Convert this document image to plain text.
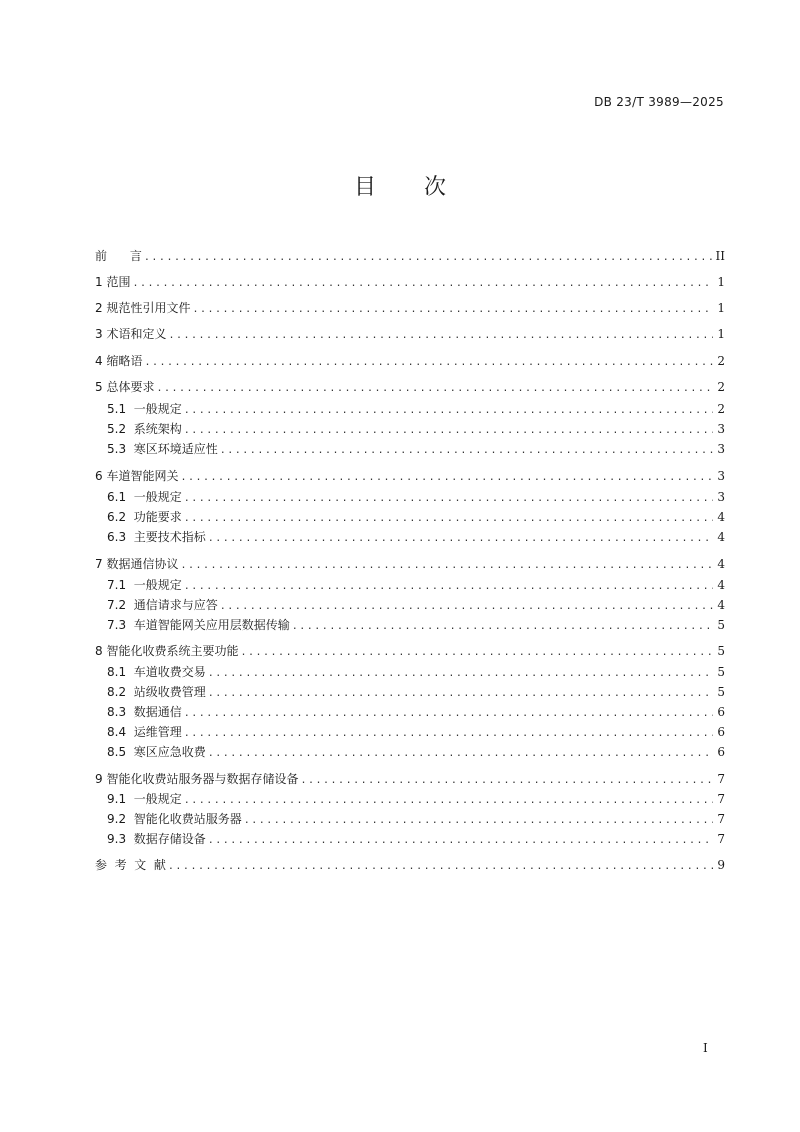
DB 23/T 3989—2025
目 次
前      言 .....	II
1 范围 .....	1
2 规范性引用文件 .....	1
3 术语和定义 .....	1
4 缩略语 .....	2
5 总体要求 .....	2
5.1  一般规定 .....	2
5.2  系统架构 .....	3
5.3  寒区环境适应性 .....	3
6 车道智能网关 .....	3
6.1  一般规定 .....	3
6.2  功能要求 .....	4
6.3  主要技术指标 .....	4
7 数据通信协议 .....	4
7.1  一般规定 .....	4
7.2  通信请求与应答 .....	4
7.3  车道智能网关应用层数据传输 .....	5
8 智能化收费系统主要功能 .....	5
8.1  车道收费交易 .....	5
8.2  站级收费管理 .....	5
8.3  数据通信 .....	6
8.4  运维管理 .....	6
8.5  寒区应急收费 .....	6
9 智能化收费站服务器与数据存储设备 .....	7
9.1  一般规定 .....	7
9.2  智能化收费站服务器 .....	7
9.3  数据存储设备 .....	7
参  考  文  献 .....	9
I
